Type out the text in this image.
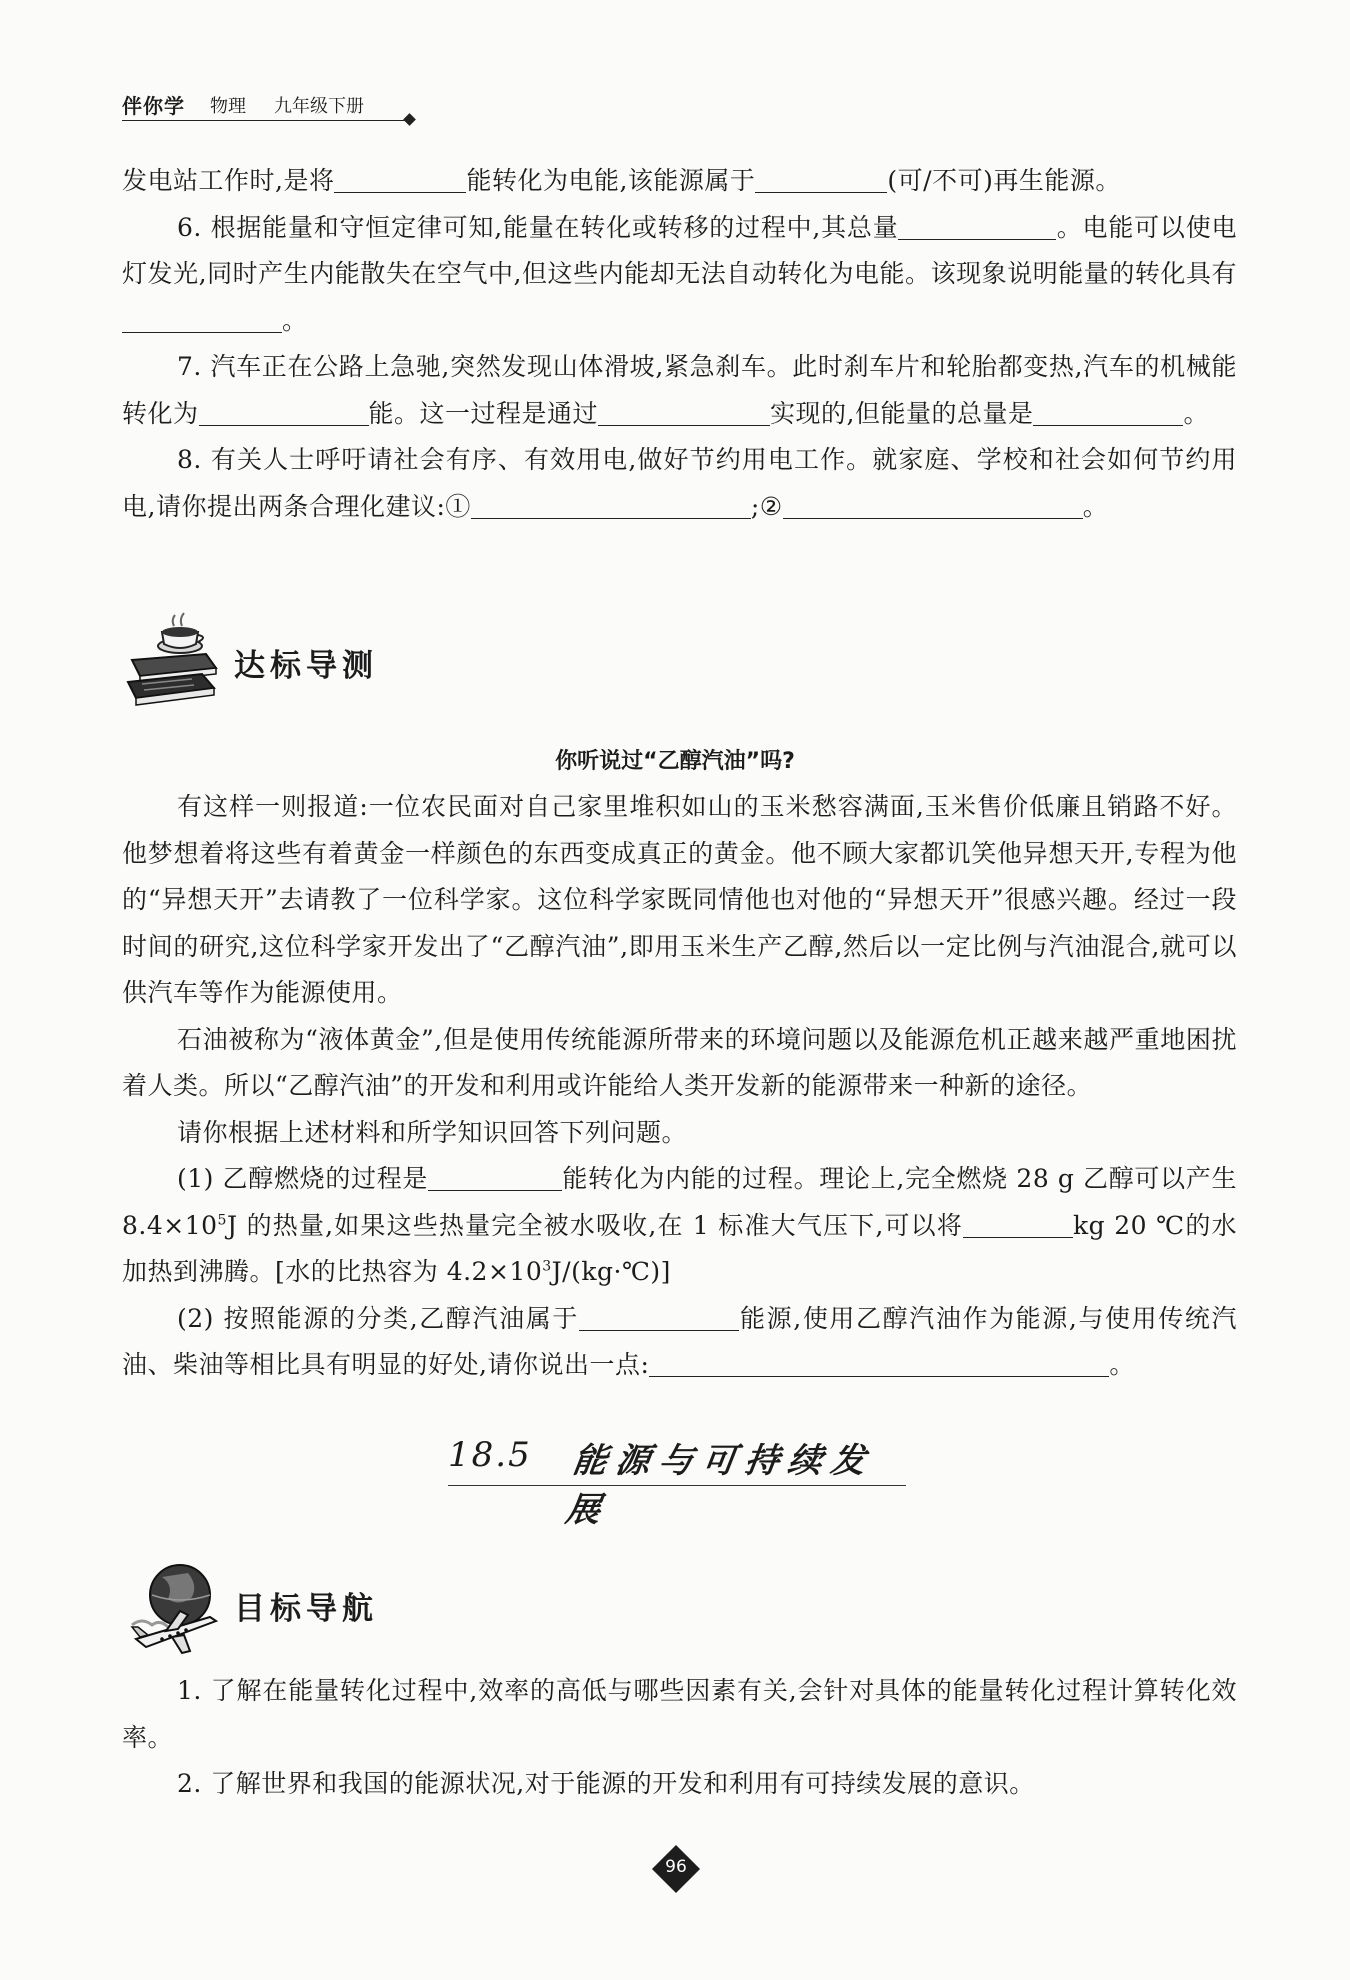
伴你学 物理 九年级下册

发电站工作时,是将	能转化为电能,该能源属于	(可/不可)再生能源。

6. 根据能量和守恒定律可知,能量在转化或转移的过程中,其总量	。电能可以使电灯发光,同时产生内能散失在空气中,但这些内能却无法自动转化为电能。该现象说明能量的转化具有。

7. 汽车正在公路上急驰,突然发现山体滑坡,紧急刹车。此时刹车片和轮胎都变热,汽车的机械能转化为	能。这一过程是通过	实现的,但能量的总量是	。

8. 有关人士呼吁请社会有序、有效用电,做好节约用电工作。就家庭、学校和社会如何节约用电,请你提出两条合理化建议:①	;②	。

达标导测
你听说过“乙醇汽油”吗?

有这样一则报道:一位农民面对自己家里堆积如山的玉米愁容满面,玉米售价低廉且销路不好。他梦想着将这些有着黄金一样颜色的东西变成真正的黄金。他不顾大家都讥笑他异想天开,专程为他的“异想天开”去请教了一位科学家。这位科学家既同情他也对他的“异想天开”很感兴趣。经过一段时间的研究,这位科学家开发出了“乙醇汽油”,即用玉米生产乙醇,然后以一定比例与汽油混合,就可以供汽车等作为能源使用。

石油被称为“液体黄金”,但是使用传统能源所带来的环境问题以及能源危机正越来越严重地困扰着人类。所以“乙醇汽油”的开发和利用或许能给人类开发新的能源带来一种新的途径。

请你根据上述材料和所学知识回答下列问题。

(1) 乙醇燃烧的过程是	能转化为内能的过程。理论上,完全燃烧 28 g 乙醇可以产生 $8.4\times 10^5J$ 的热量,如果这些热量完全被水吸收,在 1 标准大气压下,可以将	kg 20 ℃的水加热到沸腾。[水的比热容为 $4.2\times 10^3J/(kg\cdot℃)$]

(2) 按照能源的分类,乙醇汽油属于	能源,使用乙醇汽油作为能源,与使用传统汽油、柴油等相比具有明显的好处,请你说出一点:	。

18.5 能源与可持续发展
目标导航

1. 了解在能量转化过程中,效率的高低与哪些因素有关,会针对具体的能量转化过程计算转化效率。

2. 了解世界和我国的能源状况,对于能源的开发和利用有可持续发展的意识。

96
